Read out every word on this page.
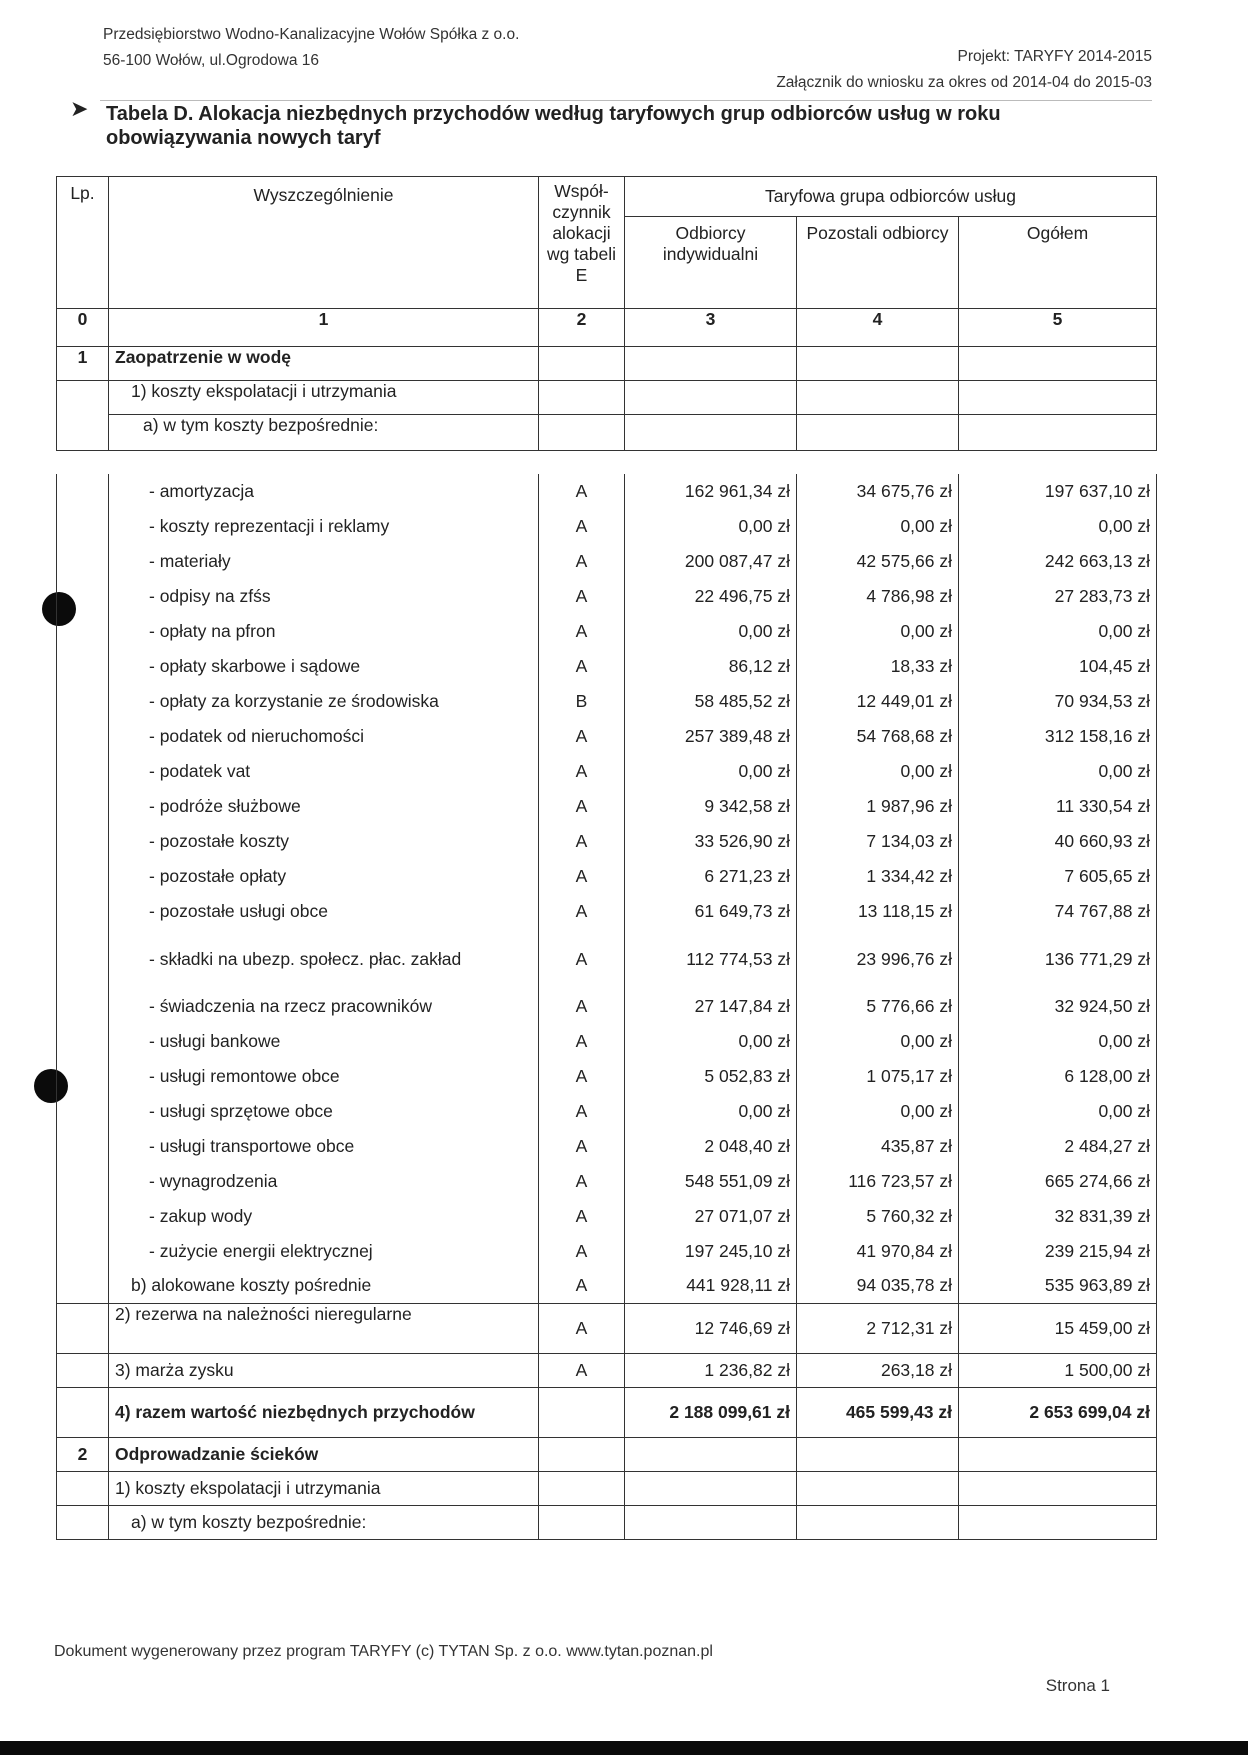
Przedsiębiorstwo Wodno-Kanalizacyjne Wołów Spółka z o.o.
56-100 Wołów, ul.Ogrodowa 16	Projekt: TARYFY 2014-2015
Załącznik do wniosku za okres od 2014-04 do 2015-03
➤ Tabela D. Alokacja niezbędnych przychodów według taryfowych grup odbiorców usług w roku obowiązywania nowych taryf
Lp.	Wyszczególnienie	Współ-czynnik alokacji wg tabeli E	Taryfowa grupa odbiorców usług		
			Odbiorcy indywidualni	Pozostali odbiorcy	Ogółem
0	1	2	3	4	5
1	Zaopatrzenie w wodę				
	1) koszty ekspolatacji i utrzymania				
	a) w tym koszty bezpośrednie:				
	- amortyzacja	A	162 961,34 zł	34 675,76 zł	197 637,10 zł
	- koszty reprezentacji i reklamy	A	0,00 zł	0,00 zł	0,00 zł
	- materiały	A	200 087,47 zł	42 575,66 zł	242 663,13 zł
	- odpisy na zfśs	A	22 496,75 zł	4 786,98 zł	27 283,73 zł
	- opłaty na pfron	A	0,00 zł	0,00 zł	0,00 zł
	- opłaty skarbowe i sądowe	A	86,12 zł	18,33 zł	104,45 zł
	- opłaty za korzystanie ze środowiska	B	58 485,52 zł	12 449,01 zł	70 934,53 zł
	- podatek od nieruchomości	A	257 389,48 zł	54 768,68 zł	312 158,16 zł
	- podatek vat	A	0,00 zł	0,00 zł	0,00 zł
	- podróże służbowe	A	9 342,58 zł	1 987,96 zł	11 330,54 zł
	- pozostałe koszty	A	33 526,90 zł	7 134,03 zł	40 660,93 zł
	- pozostałe opłaty	A	6 271,23 zł	1 334,42 zł	7 605,65 zł
	- pozostałe usługi obce	A	61 649,73 zł	13 118,15 zł	74 767,88 zł
	- składki na ubezp. społecz. płac. zakład	A	112 774,53 zł	23 996,76 zł	136 771,29 zł
	- świadczenia na rzecz pracowników	A	27 147,84 zł	5 776,66 zł	32 924,50 zł
	- usługi bankowe	A	0,00 zł	0,00 zł	0,00 zł
	- usługi remontowe obce	A	5 052,83 zł	1 075,17 zł	6 128,00 zł
	- usługi sprzętowe obce	A	0,00 zł	0,00 zł	0,00 zł
	- usługi transportowe obce	A	2 048,40 zł	435,87 zł	2 484,27 zł
	- wynagrodzenia	A	548 551,09 zł	116 723,57 zł	665 274,66 zł
	- zakup wody	A	27 071,07 zł	5 760,32 zł	32 831,39 zł
	- zużycie energii elektrycznej	A	197 245,10 zł	41 970,84 zł	239 215,94 zł
	b) alokowane koszty pośrednie	A	441 928,11 zł	94 035,78 zł	535 963,89 zł
	2) rezerwa na należności nieregularne	A	12 746,69 zł	2 712,31 zł	15 459,00 zł
	3) marża zysku	A	1 236,82 zł	263,18 zł	1 500,00 zł
	4) razem wartość niezbędnych przychodów		2 188 099,61 zł	465 599,43 zł	2 653 699,04 zł
2	Odprowadzanie ścieków				
	1) koszty ekspolatacji i utrzymania				
	a) w tym koszty bezpośrednie:				
Dokument wygenerowany przez program TARYFY (c) TYTAN Sp. z o.o. www.tytan.poznan.pl
Strona 1
